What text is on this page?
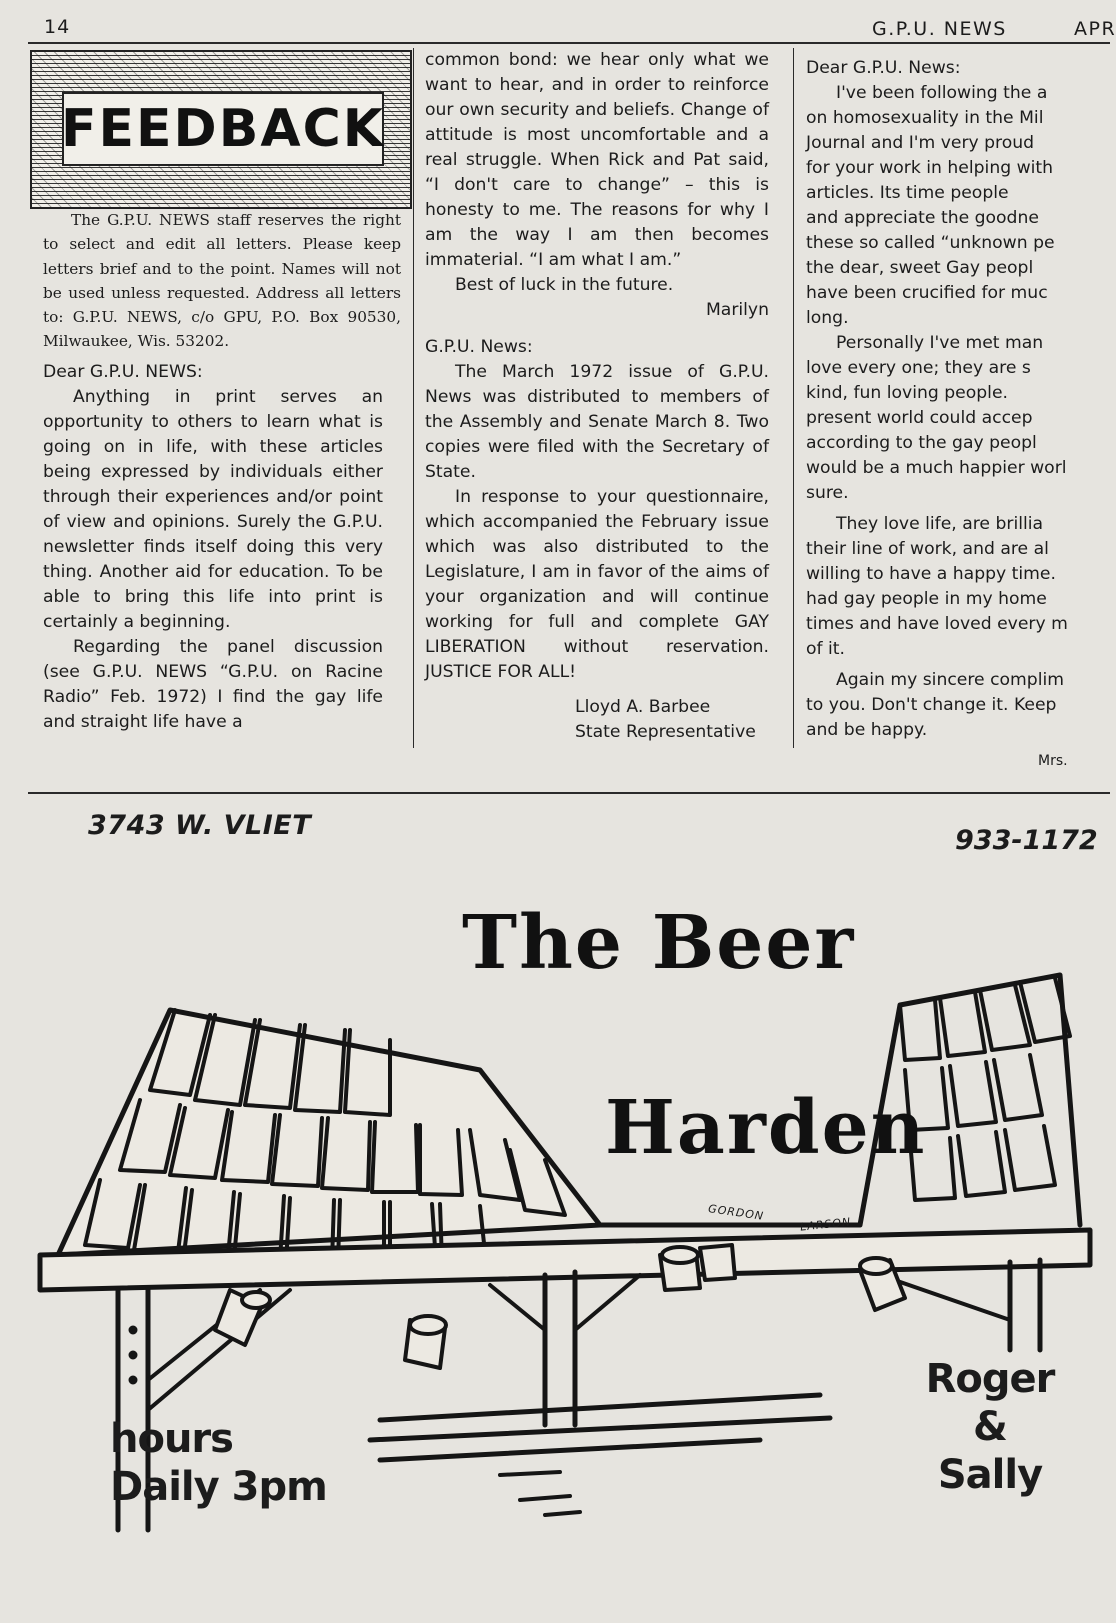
14	G.P.U. NEWS	APR
FEEDBACK
The G.P.U. NEWS staff reserves the right to select and edit all letters. Please keep letters brief and to the point. Names will not be used unless requested. Address all letters to: G.P.U. NEWS, c/o GPU, P.O. Box 90530, Milwaukee, Wis. 53202.

Dear G.P.U. NEWS:

Anything in print serves an opportunity to others to learn what is going on in life, with these articles being expressed by individuals either through their experiences and/or point of view and opinions. Surely the G.P.U. newsletter finds itself doing this very thing. Another aid for education. To be able to bring this life into print is certainly a beginning.

Regarding the panel discussion (see G.P.U. NEWS “G.P.U. on Racine Radio” Feb. 1972) I find the gay life and straight life have a

common bond: we hear only what we want to hear, and in order to reinforce our own security and beliefs. Change of attitude is most uncomfortable and a real struggle. When Rick and Pat said, “I don't care to change” – this is honesty to me. The reasons for why I am the way I am then becomes immaterial. “I am what I am.”

Best of luck in the future.

Marilyn

G.P.U. News:

The March 1972 issue of G.P.U. News was distributed to members of the Assembly and Senate March 8. Two copies were filed with the Secretary of State.

In response to your questionnaire, which accompanied the February issue which was also distributed to the Legislature, I am in favor of the aims of your organization and will continue working for full and complete GAY LIBERATION without reservation. JUSTICE FOR ALL!

Lloyd A. Barbee

State Representative

Dear G.P.U. News:
I've been following the a
on homosexuality in the Mil
Journal and I'm very proud
for your work in helping with
articles. Its time people
and appreciate the goodne
these so called “unknown pe
the dear, sweet Gay peopl
have been crucified for muc
long.
Personally I've met man
love every one; they are s
kind, fun loving people.
present world could accep
according to the gay peopl
would be a much happier worl
sure.
They love life, are brillia
their line of work, and are al
willing to have a happy time.
had gay people in my home
times and have loved every m
of it.
Again my sincere complim
to you. Don't change it. Keep
and be happy.
Mrs.
3743 W. VLIET	933-1172
The Beer
Harden
GORDON
LARSON
hours
Daily 3pm
Roger
&
Sally
